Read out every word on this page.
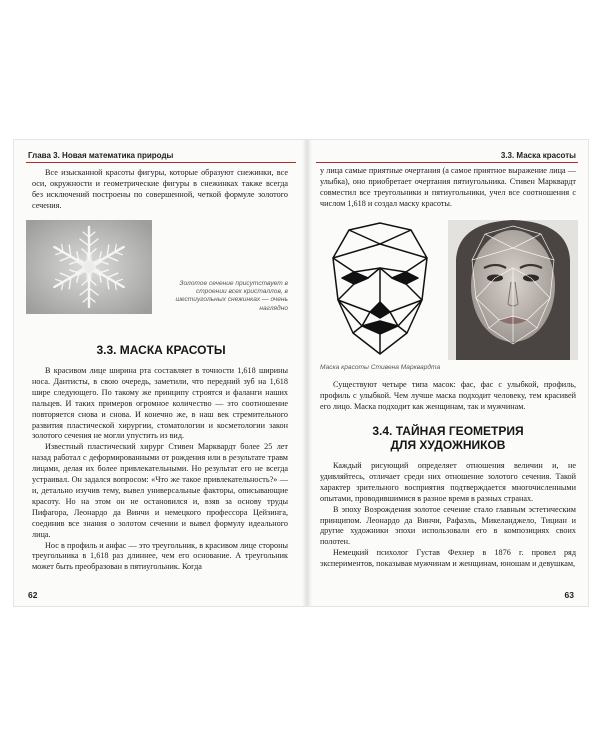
Глава 3. Новая математика природы

Все изысканной красоты фигуры, которые образуют снежинки, все оси, окружности и геометрические фигуры в снежинках также всегда без исключений построены по совершенной, четкой формуле золотого сечения.

Золотое сечение присутствует в строении всех кристаллов, в шестиугольных снежинках — очень наглядно
3.3. МАСКА КРАСОТЫ

В красивом лице ширина рта составляет в точности 1,618 ширины носа. Дантисты, в свою очередь, заметили, что передний зуб на 1,618 шире следующего. По такому же принципу строятся и фаланги наших пальцев. И таких примеров огромное количество — это соотношение повторяется снова и снова. И конечно же, в наш век стремительного развития пластической хирургии, стоматологии и косметологии закон золотого сечения не могли упустить из вид.

Известный пластический хирург Стивен Марквардт более 25 лет назад работал с деформированными от рождения или в результате травм лицами, делая их более привлекательными. Но результат его не всегда устраивал. Он задался вопросом: «Что же такое привлекательность?» — и, детально изучив тему, вывел универсальные факторы, описывающие красоту. Но на этом он не остановился и, взяв за основу труды Пифагора, Леонардо да Винчи и немецкого профессора Цейзинга, соединив все знания о золотом сечении и вывел формулу идеального лица.

Нос в профиль и анфас — это треугольник, в красивом лице стороны треугольника в 1,618 раз длиннее, чем его основание. А треугольник может быть преобразован в пятиугольник. Когда

62
3.3. Маска красоты

у лица самые приятные очертания (а самое приятное выражение лица — улыбка), оно приобретает очертания пятиугольника. Стивен Марквардт совместил все треугольники и пятиугольники, учел все соотношения с числом 1,618 и создал маску красоты.

Маска красоты Стивена Марквардта

Существуют четыре типа масок: фас, фас с улыбкой, профиль, профиль с улыбкой. Чем лучше маска подходит человеку, тем красивей его лицо. Маска подходит как женщинам, так и мужчинам.

3.4. ТАЙНАЯ ГЕОМЕТРИЯ
ДЛЯ ХУДОЖНИКОВ

Каждый рисующий определяет отношения величин и, не удивляйтесь, отличает среди них отношение золотого сечения. Такой характер зрительного восприятия подтверждается многочисленными опытами, проводившимися в разное время в разных странах.

В эпоху Возрождения золотое сечение стало главным эстетическим принципом. Леонардо да Винчи, Рафаэль, Микеланджело, Тициан и другие художники эпохи использовали его в композициях своих полотен.

Немецкий психолог Густав Фехнер в 1876 г. провел ряд экспериментов, показывая мужчинам и женщинам, юношам и девушкам,

63
